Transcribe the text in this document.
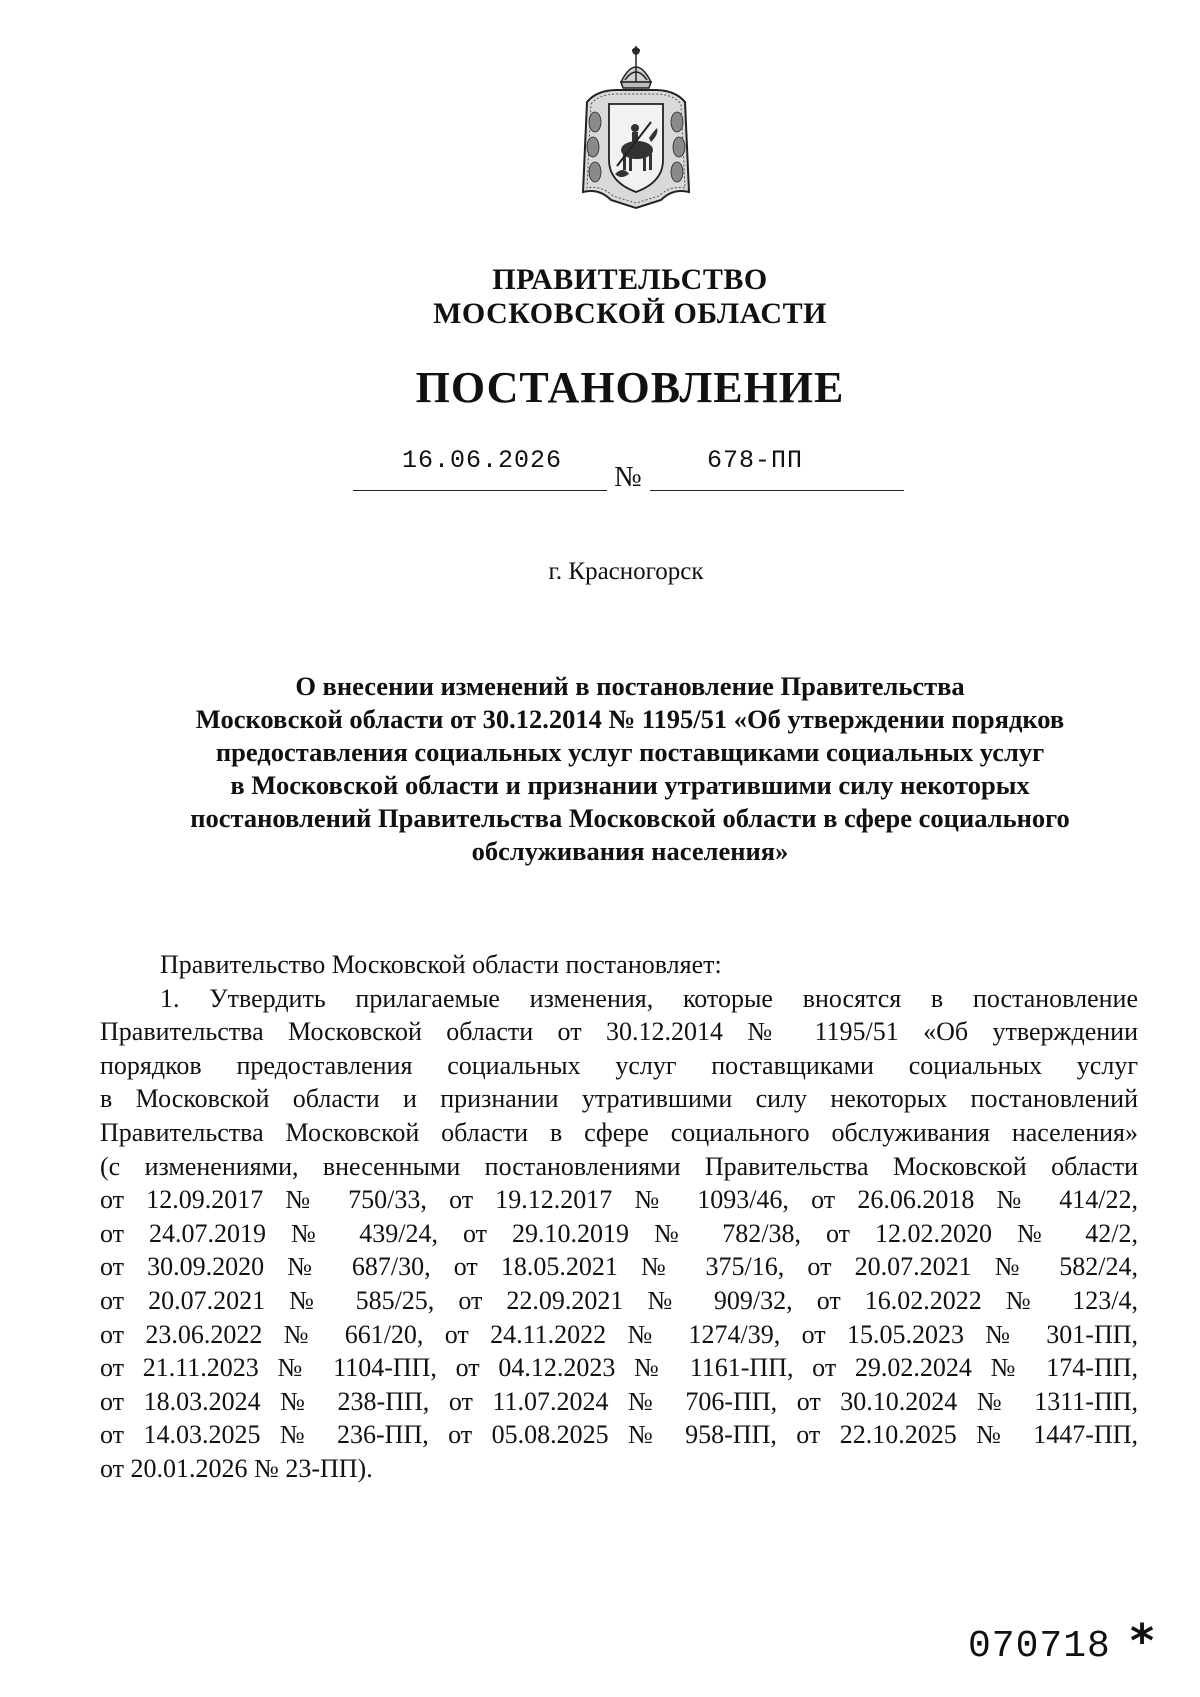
ПРАВИТЕЛЬСТВО
МОСКОВСКОЙ ОБЛАСТИ
ПОСТАНОВЛЕНИЕ
16.06.2026
№
678-ПП
г. Красногорск
О внесении изменений в постановление Правительства
Московской области от 30.12.2014 № 1195/51 «Об утверждении порядков
предоставления социальных услуг поставщиками социальных услуг
в Московской области и признании утратившими силу некоторых
постановлений Правительства Московской области в сфере социального
обслуживания населения»
Правительство Московской области постановляет:
1. Утвердить прилагаемые изменения, которые вносятся в постановление
Правительства Московской области от 30.12.2014 № 1195/51 «Об утверждении
порядков предоставления социальных услуг поставщиками социальных услуг
в Московской области и признании утратившими силу некоторых постановлений
Правительства Московской области в сфере социального обслуживания населения»
(с изменениями, внесенными постановлениями Правительства Московской области
от 12.09.2017 № 750/33, от 19.12.2017 № 1093/46, от 26.06.2018 № 414/22,
от 24.07.2019 № 439/24, от 29.10.2019 № 782/38, от 12.02.2020 № 42/2,
от 30.09.2020 № 687/30, от 18.05.2021 № 375/16, от 20.07.2021 № 582/24,
от 20.07.2021 № 585/25, от 22.09.2021 № 909/32, от 16.02.2022 № 123/4,
от 23.06.2022 № 661/20, от 24.11.2022 № 1274/39, от 15.05.2023 № 301-ПП,
от 21.11.2023 № 1104-ПП, от 04.12.2023 № 1161-ПП, от 29.02.2024 № 174-ПП,
от 18.03.2024 № 238-ПП, от 11.07.2024 № 706-ПП, от 30.10.2024 № 1311-ПП,
от 14.03.2025 № 236-ПП, от 05.08.2025 № 958-ПП, от 22.10.2025 № 1447-ПП,
от 20.01.2026 № 23-ПП).
070718 *
